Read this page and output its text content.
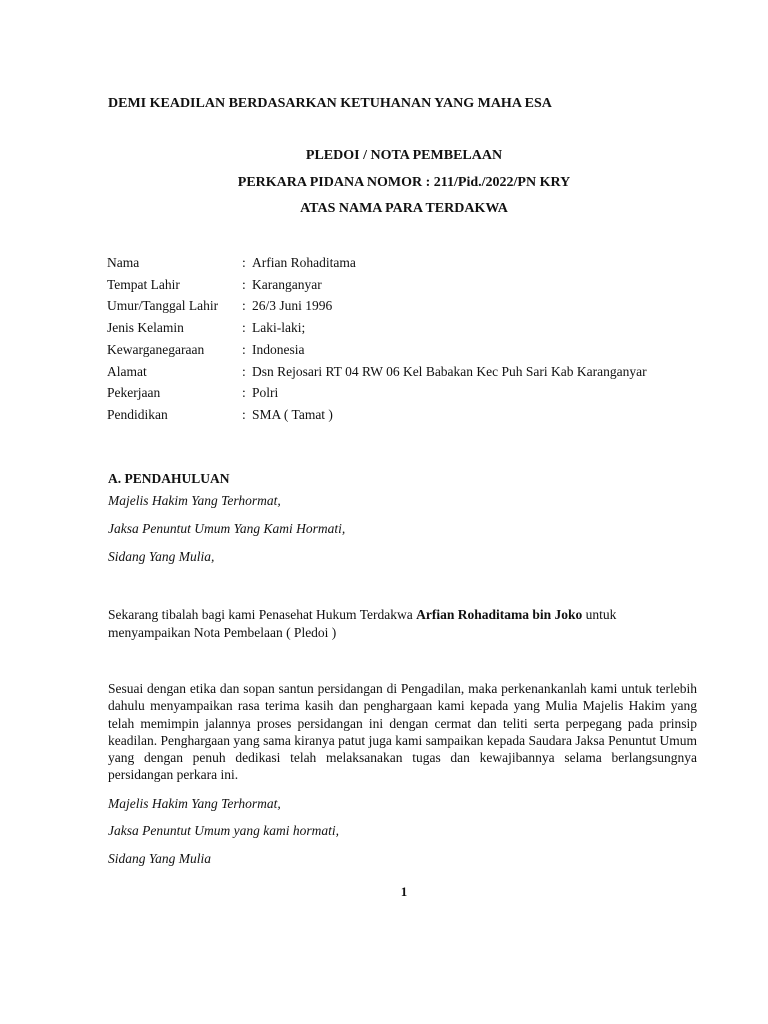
DEMI KEADILAN BERDASARKAN KETUHANAN YANG MAHA ESA
PLEDOI / NOTA PEMBELAAN
PERKARA PIDANA NOMOR : 211/Pid./2022/PN KRY
ATAS NAMA PARA TERDAKWA
Nama	: Arfian Rohaditama
Tempat Lahir	: Karanganyar
Umur/Tanggal Lahir : 26/3 Juni 1996
Jenis Kelamin	: Laki-laki;
Kewarganegaraan	: Indonesia
Alamat	: Dsn Rejosari RT 04 RW 06 Kel Babakan Kec Puh Sari Kab Karanganyar
Pekerjaan	: Polri
Pendidikan	: SMA ( Tamat )
A. PENDAHULUAN
Majelis Hakim Yang Terhormat,
Jaksa Penuntut Umum Yang Kami Hormati,
Sidang Yang Mulia,
Sekarang tibalah bagi kami Penasehat Hukum Terdakwa Arfian Rohaditama bin Joko untuk
menyampaikan Nota Pembelaan ( Pledoi )
Sesuai dengan etika dan sopan santun persidangan di Pengadilan, maka perkenankanlah kami untuk terlebih dahulu menyampaikan rasa terima kasih dan penghargaan kami kepada yang Mulia Majelis Hakim yang telah memimpin jalannya proses persidangan ini dengan cermat dan teliti serta perpegang pada prinsip keadilan. Penghargaan yang sama kiranya patut juga kami sampaikan kepada Saudara Jaksa Penuntut Umum yang dengan penuh dedikasi telah melaksanakan tugas dan kewajibannya selama berlangsungnya persidangan perkara ini.
Majelis Hakim Yang Terhormat,
Jaksa Penuntut Umum yang kami hormati,
Sidang Yang Mulia
1
